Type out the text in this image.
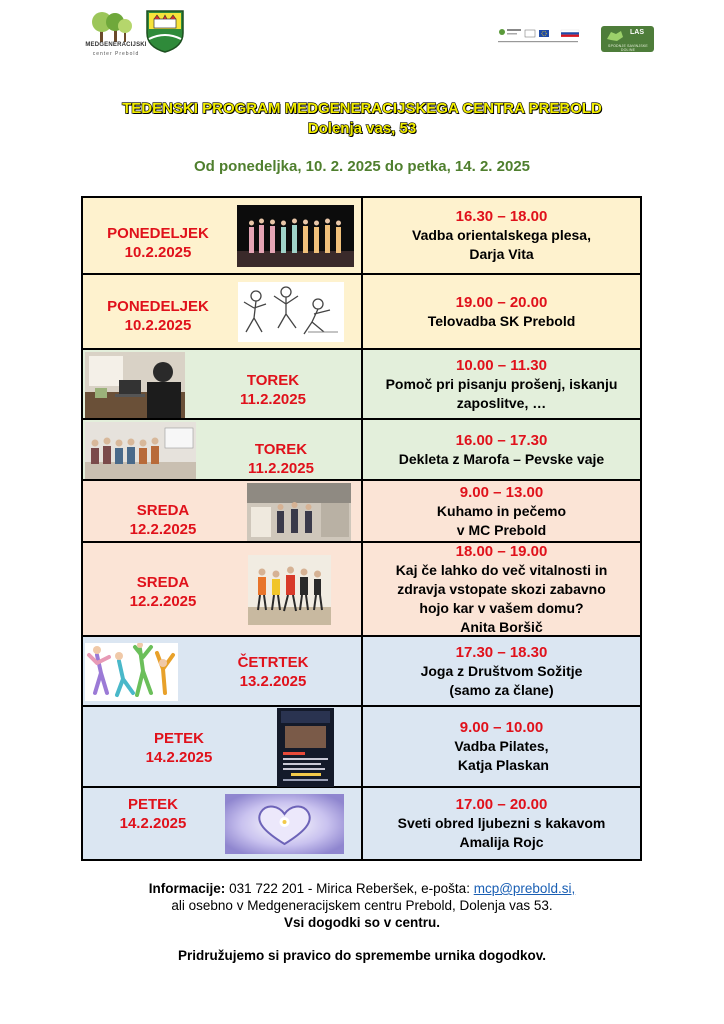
MEDGENERACIJSKI
center Prebold
LAS
SPODNJE SAVINJSKE DOLINE
TEDENSKI PROGRAM MEDGENERACIJSKEGA CENTRA PREBOLD
Dolenja vas, 53
Od ponedeljka, 10. 2. 2025 do petka, 14. 2. 2025
PONEDELJEK
10.2.2025
16.30 – 18.00
Vadba orientalskega plesa,
Darja Vita
PONEDELJEK
10.2.2025
19.00 – 20.00
Telovadba SK Prebold
TOREK
11.2.2025
10.00 – 11.30
Pomoč pri pisanju prošenj, iskanju
zaposlitve, …
TOREK
11.2.2025
16.00 – 17.30
Dekleta z Marofa – Pevske vaje
SREDA
12.2.2025
9.00 – 13.00
Kuhamo in pečemo
v MC Prebold
SREDA
12.2.2025
18.00 – 19.00
Kaj če lahko do več vitalnosti in
zdravja vstopate skozi zabavno
hojo kar v vašem domu?
Anita Boršič
ČETRTEK
13.2.2025
17.30 – 18.30
Joga z Društvom Sožitje
(samo za člane)
PETEK
14.2.2025
9.00 – 10.00
Vadba Pilates,
Katja Plaskan
PETEK
14.2.2025
17.00 – 20.00
Sveti obred ljubezni s kakavom
Amalija Rojc
Informacije: 031 722 201 - Mirica Reberšek, e-pošta: mcp@prebold.si,
ali osebno v Medgeneracijskem centru Prebold, Dolenja vas 53.
Vsi dogodki so v centru.
Pridružujemo si pravico do spremembe urnika dogodkov.
